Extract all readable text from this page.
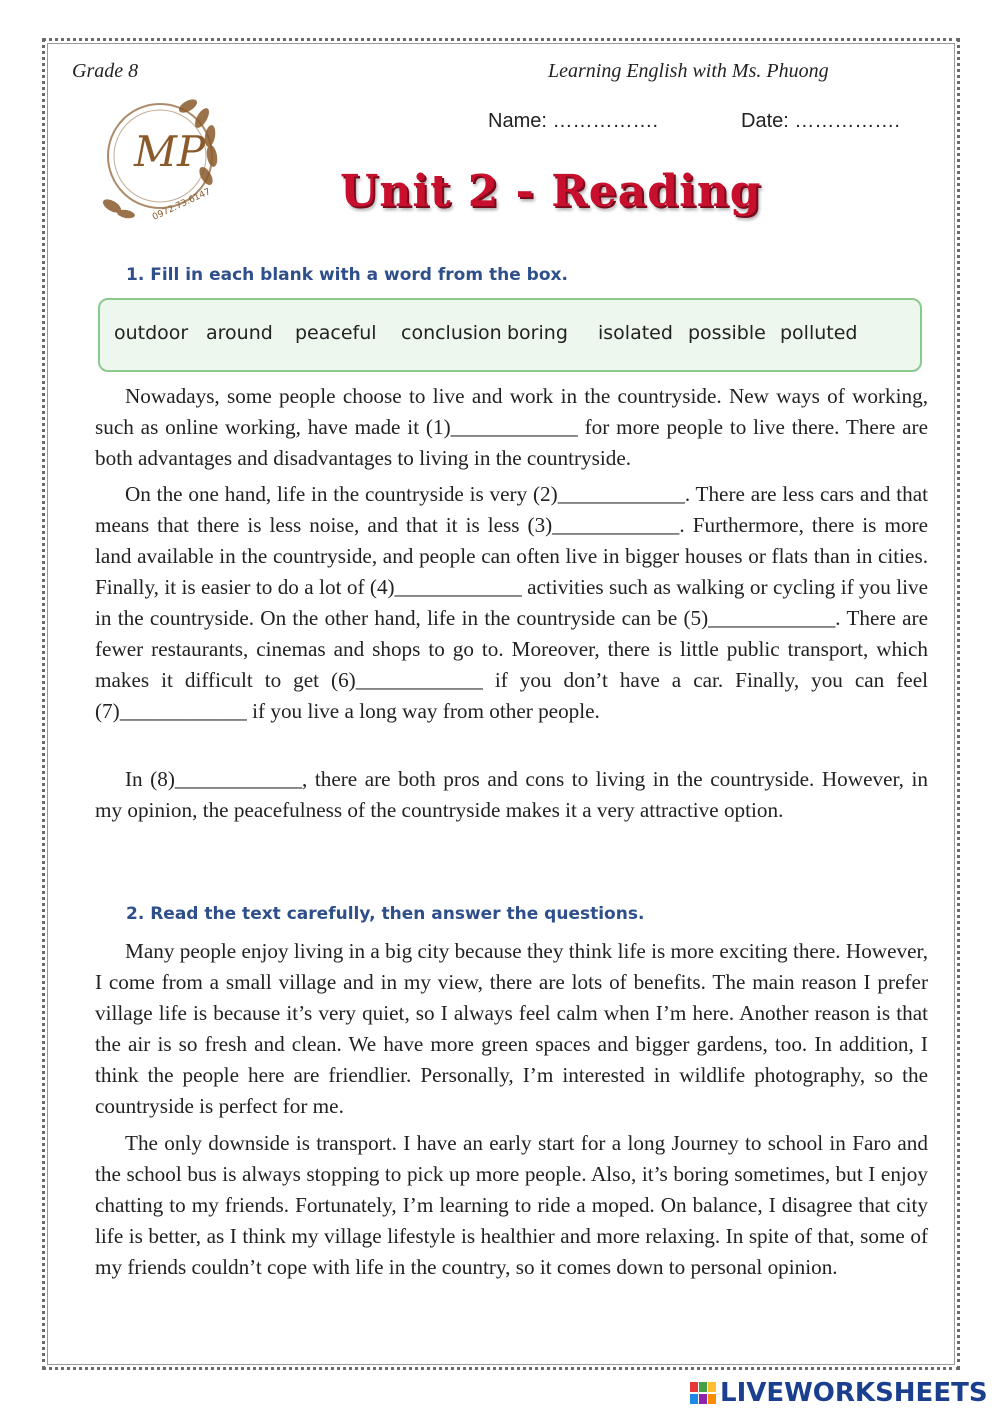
Grade 8	Learning English with Ms. Phuong
MP
0972.73.6147
Name: …………….	Date: …………….
Unit 2 - Reading
1. Fill in each blank with a word from the box.
outdoor around peaceful conclusion boring isolated possible polluted

Nowadays, some people choose to live and work in the countryside. New ways of working, such as online working, have made it (1)____________ for more people to live there. There are both advantages and disadvantages to living in the countryside.

On the one hand, life in the countryside is very (2)____________. There are less cars and that means that there is less noise, and that it is less (3)____________. Furthermore, there is more land available in the countryside, and people can often live in bigger houses or flats than in cities. Finally, it is easier to do a lot of (4)____________ activities such as walking or cycling if you live in the countryside. On the other hand, life in the countryside can be (5)____________. There are fewer restaurants, cinemas and shops to go to. Moreover, there is little public transport, which makes it difficult to get (6)____________ if you don’t have a car. Finally, you can feel (7)____________ if you live a long way from other people.

In (8)____________, there are both pros and cons to living in the countryside. However, in my opinion, the peacefulness of the countryside makes it a very attractive option.

2. Read the text carefully, then answer the questions.

Many people enjoy living in a big city because they think life is more exciting there. However, I come from a small village and in my view, there are lots of benefits. The main reason I prefer village life is because it’s very quiet, so I always feel calm when I’m here. Another reason is that the air is so fresh and clean. We have more green spaces and bigger gardens, too. In addition, I think the people here are friendlier. Personally, I’m interested in wildlife photography, so the countryside is perfect for me.

The only downside is transport. I have an early start for a long Journey to school in Faro and the school bus is always stopping to pick up more people. Also, it’s boring sometimes, but I enjoy chatting to my friends. Fortunately, I’m learning to ride a moped. On balance, I disagree that city life is better, as I think my village lifestyle is healthier and more relaxing. In spite of that, some of my friends couldn’t cope with life in the country, so it comes down to personal opinion.

LIVEWORKSHEETS
